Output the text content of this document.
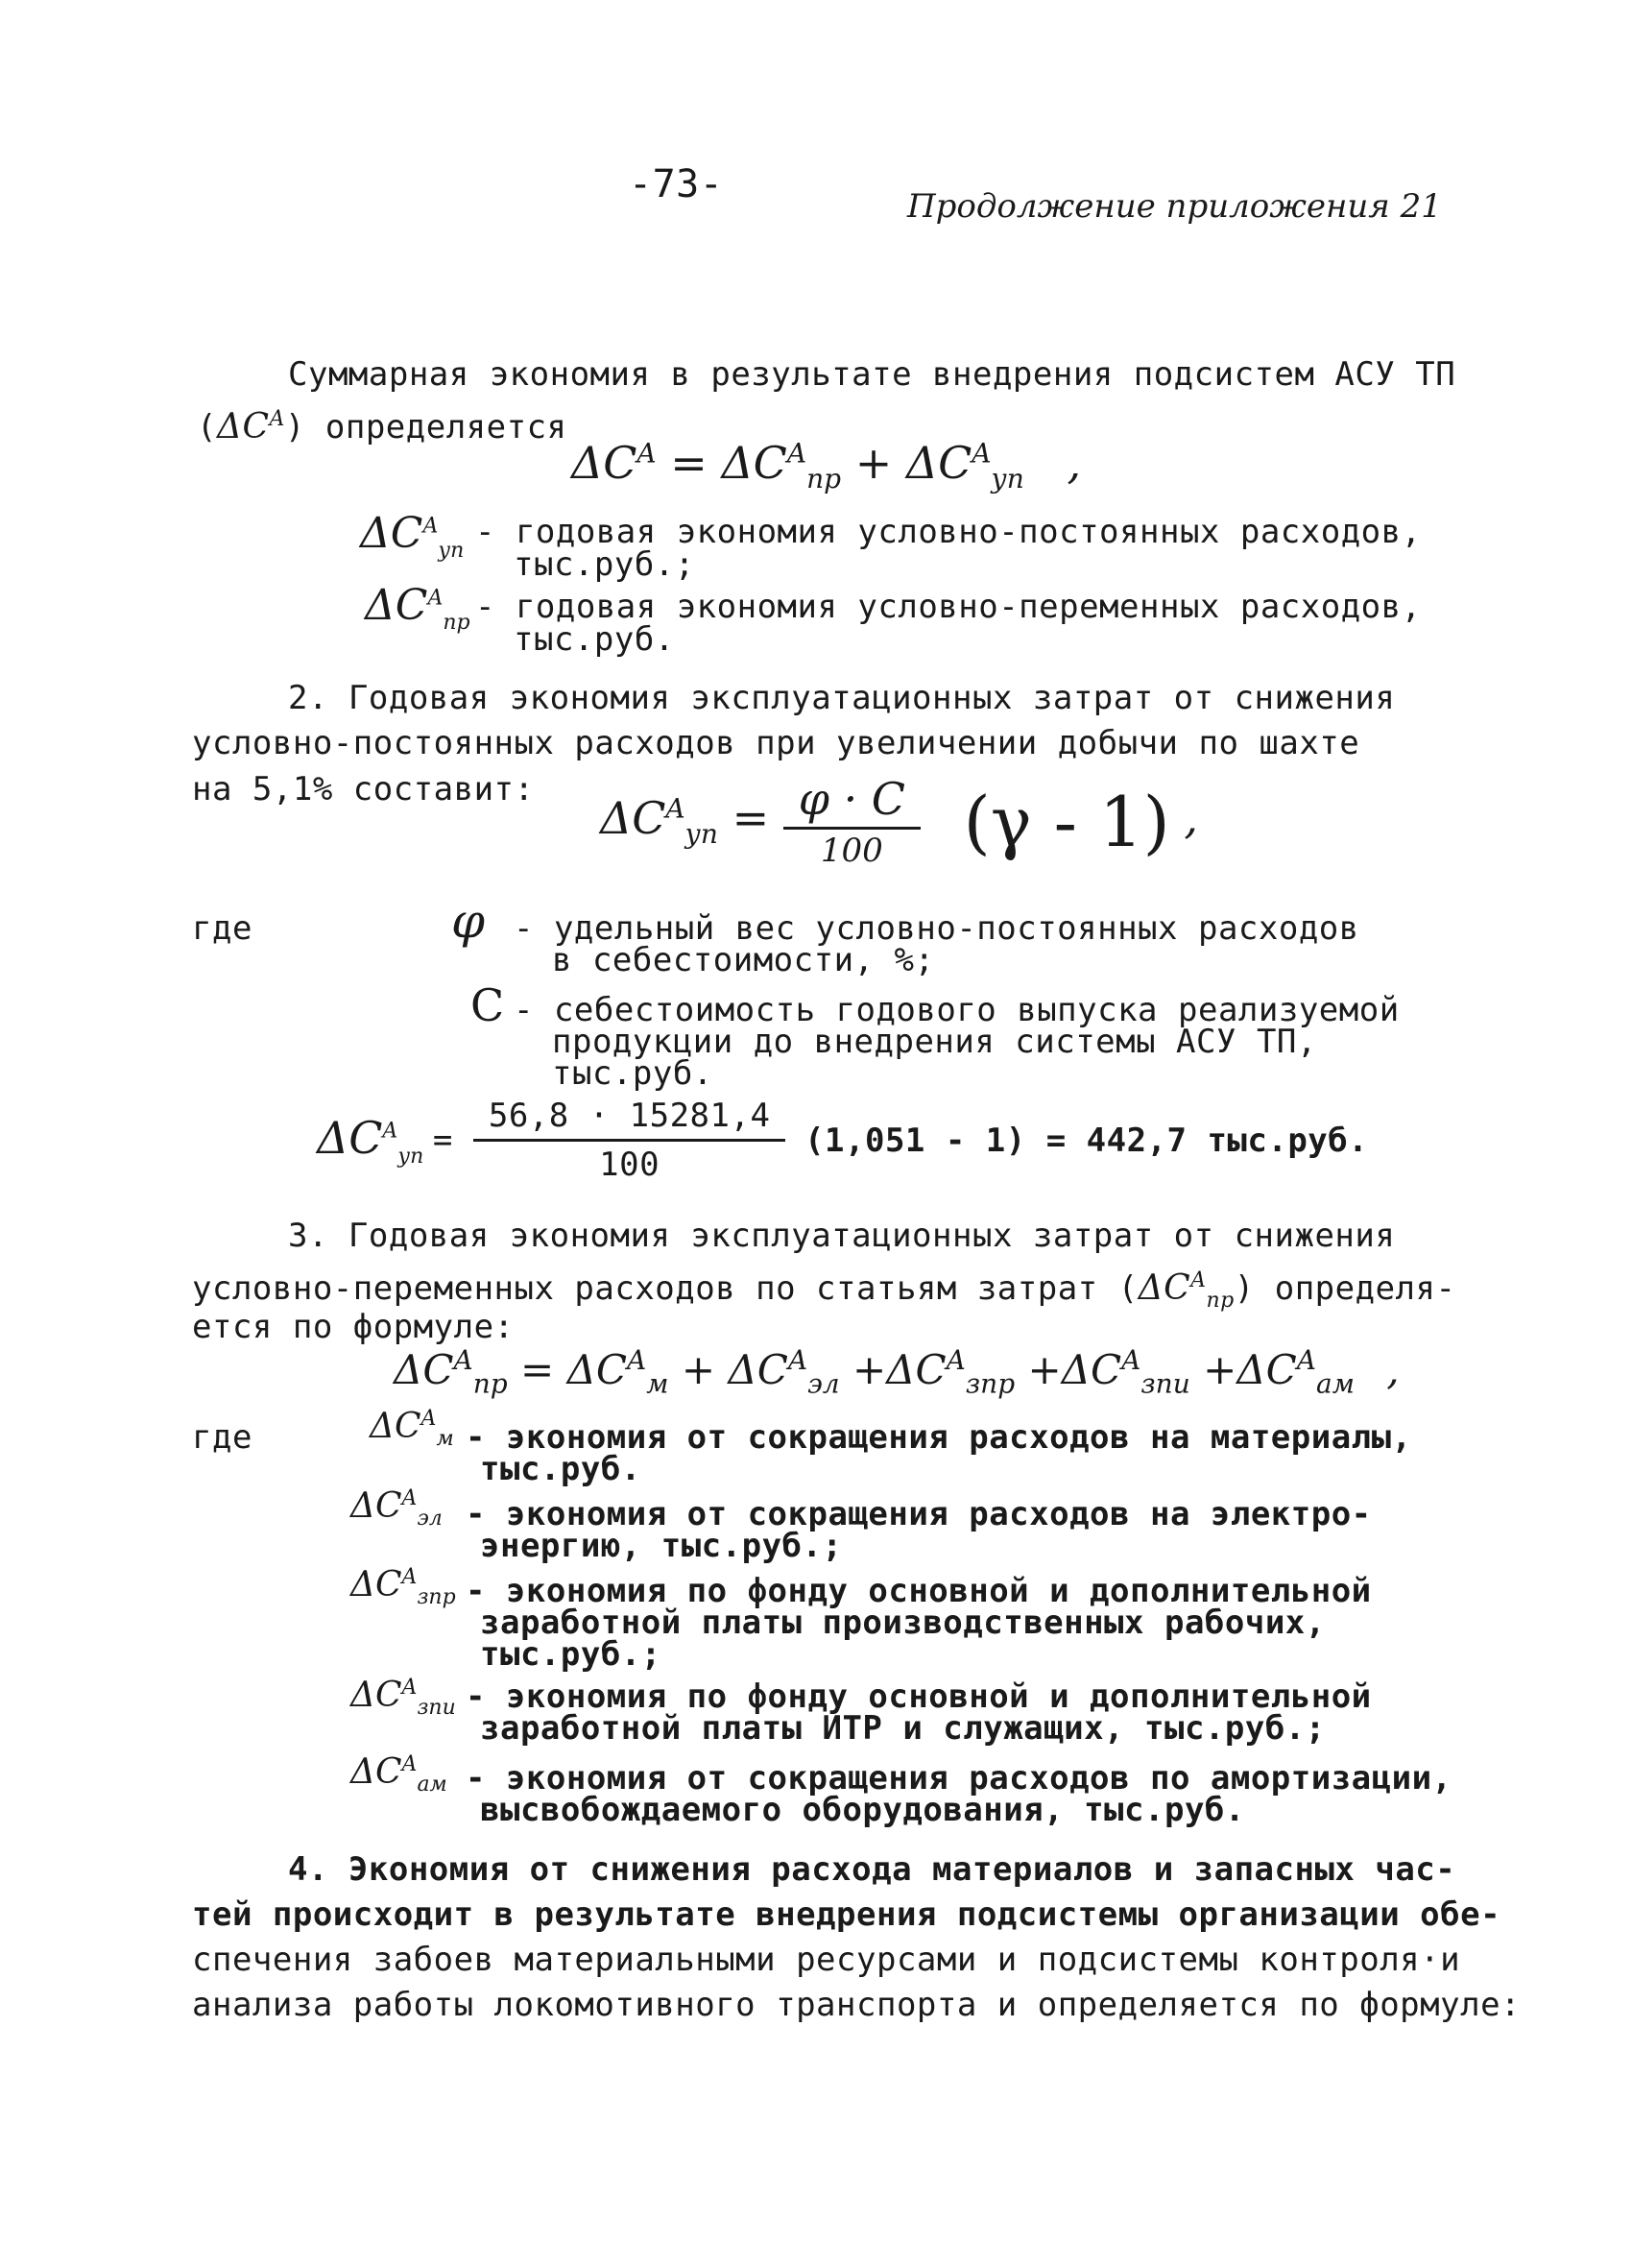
-73-	Продолжение приложения 21
Суммарная экономия в результате внедрения подсистем АСУ ТП
$(\Delta C^A)$ определяется
$\Delta C^A = \Delta C^A_{пр} + \Delta C^A_{уп}$ ,
$\Delta C^A_{уп}$ - годовая экономия условно-постоянных расходов,
тыс.руб.;
$\Delta C^A_{пр}$ - годовая экономия условно-переменных расходов,
тыс.руб.
2. Годовая экономия эксплуатационных затрат от снижения
условно-постоянных расходов при увеличении добычи по шахте
на 5,1% составит:
$\Delta C^A_{уп} = \frac{\varphi \cdot C}{100} (\gamma - 1)$ ,
где	φ - удельный вес условно-постоянных расходов
в себестоимости, %;
C - себестоимость годового выпуска реализуемой
продукции до внедрения системы АСУ ТП,
тыс.руб.
$\Delta C^A_{уп} = \frac{56,8 \cdot 15281,4}{100} (1,051 - 1) = 442,7$ тыс.руб.
3. Годовая экономия эксплуатационных затрат от снижения
условно-переменных расходов по статьям затрат $(\Delta C^A_{пр})$ определя-
ется по формуле:
$\Delta C^A_{пр} = \Delta C^A_м + \Delta C^A_{эл} +\Delta C^A_{зпр} +\Delta C^A_{зпи} +\Delta C^A_{ам}$ ,
где	$\Delta C^A_м$ - экономия от сокращения расходов на материалы,
тыс.руб.
$\Delta C^A_{эл}$ - экономия от сокращения расходов на электро-
энергию, тыс.руб.;
$\Delta C^A_{зпр}$ - экономия по фонду основной и дополнительной
заработной платы производственных рабочих,
тыс.руб.;
$\Delta C^A_{зпи}$ - экономия по фонду основной и дополнительной
заработной платы ИТР и служащих, тыс.руб.;
$\Delta C^A_{ам}$ - экономия от сокращения расходов по амортизации,
высвобождаемого оборудования, тыс.руб.
4. Экономия от снижения расхода материалов и запасных час-
тей происходит в результате внедрения подсистемы организации обе-
спечения забоев материальными ресурсами и подсистемы контроля·и
анализа работы локомотивного транспорта и определяется по формуле:
